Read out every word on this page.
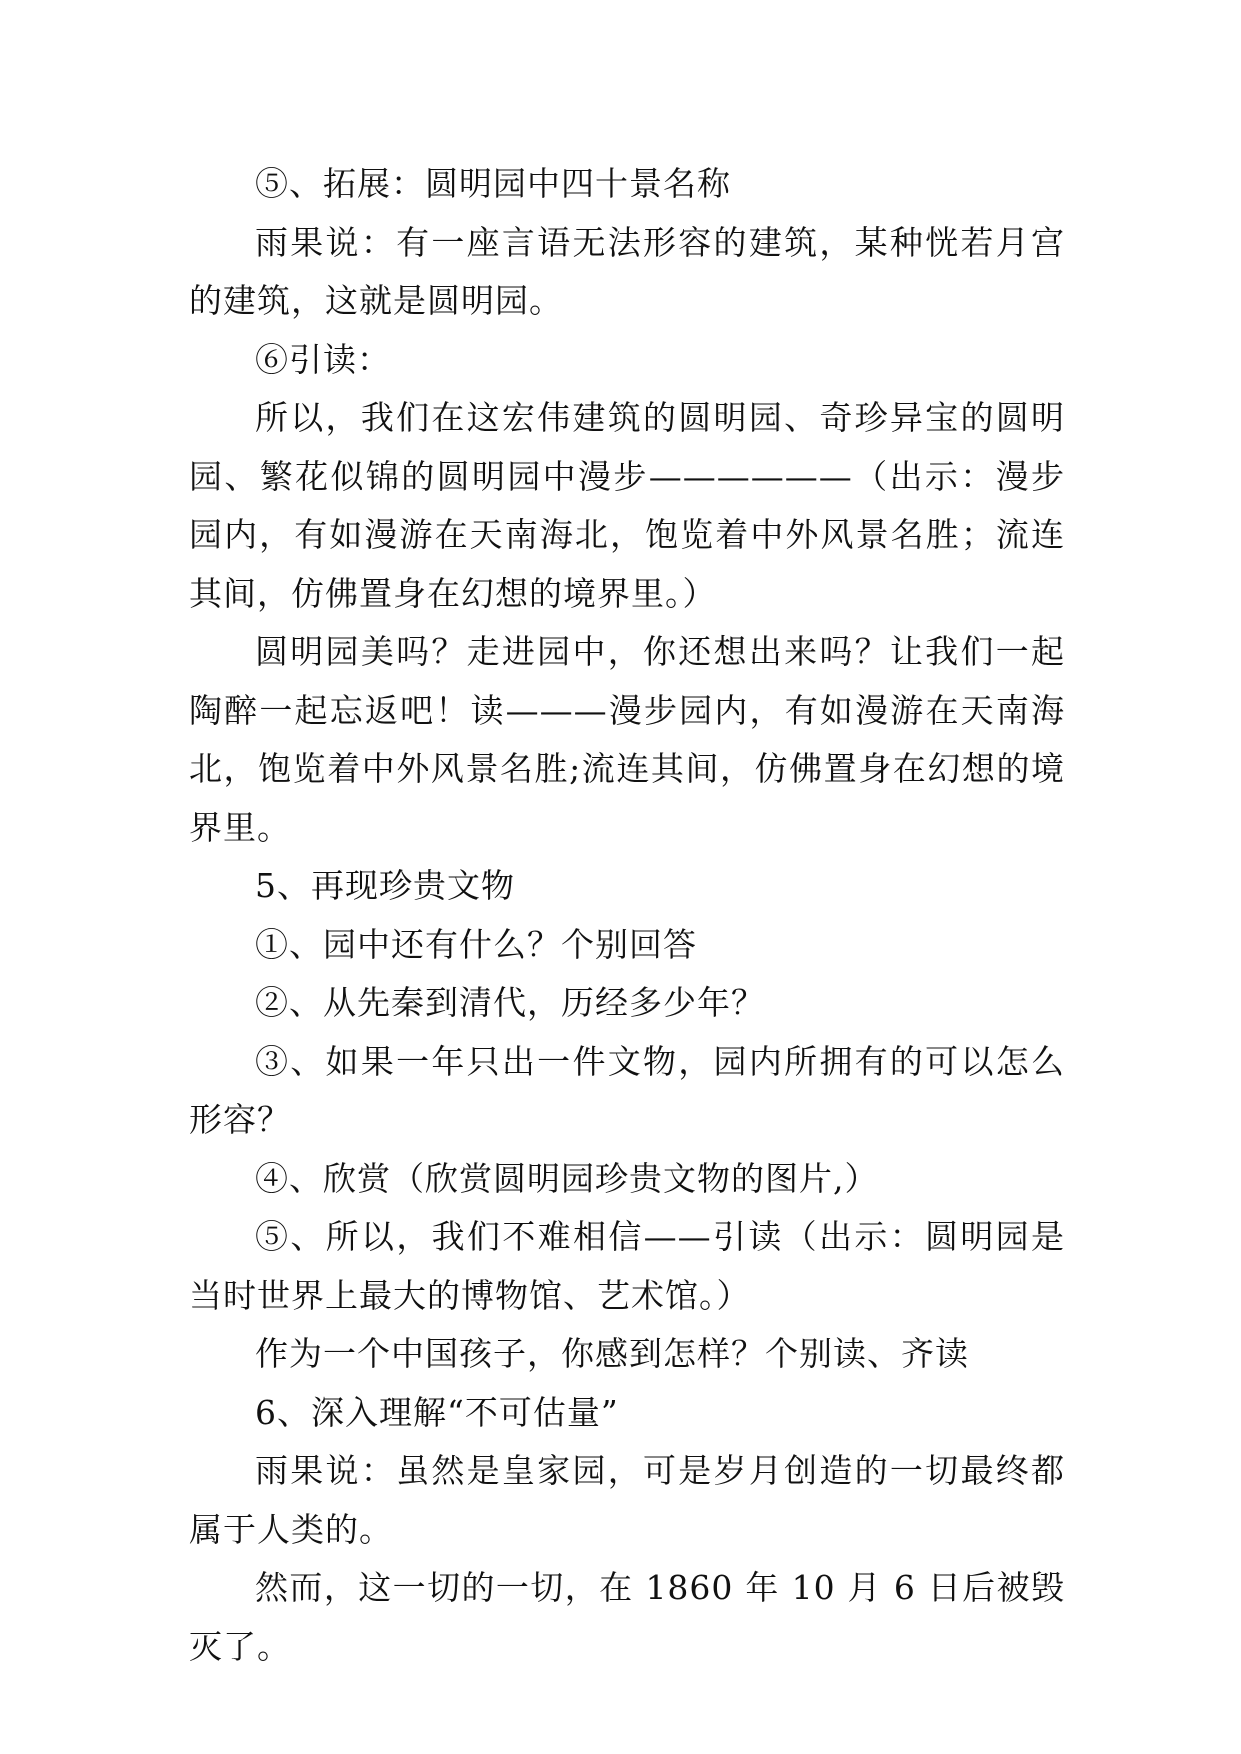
⑤、拓展：圆明园中四十景名称

雨果说：有一座言语无法形容的建筑，某种恍若月宫的建筑，这就是圆明园。

⑥引读：

所以，我们在这宏伟建筑的圆明园、奇珍异宝的圆明园、繁花似锦的圆明园中漫步——————（出示：漫步园内，有如漫游在天南海北，饱览着中外风景名胜；流连其间，仿佛置身在幻想的境界里。）

圆明园美吗？走进园中，你还想出来吗？让我们一起陶醉一起忘返吧！读———漫步园内，有如漫游在天南海北，饱览着中外风景名胜;流连其间，仿佛置身在幻想的境界里。

5、再现珍贵文物

①、园中还有什么？个别回答

②、从先秦到清代，历经多少年？

③、如果一年只出一件文物，园内所拥有的可以怎么形容？

④、欣赏（欣赏圆明园珍贵文物的图片,）

⑤、所以，我们不难相信——引读（出示：圆明园是当时世界上最大的博物馆、艺术馆。）

作为一个中国孩子，你感到怎样？个别读、齐读

6、深入理解“不可估量”

雨果说：虽然是皇家园，可是岁月创造的一切最终都属于人类的。

然而，这一切的一切，在 1860 年 10 月 6 日后被毁灭了。
